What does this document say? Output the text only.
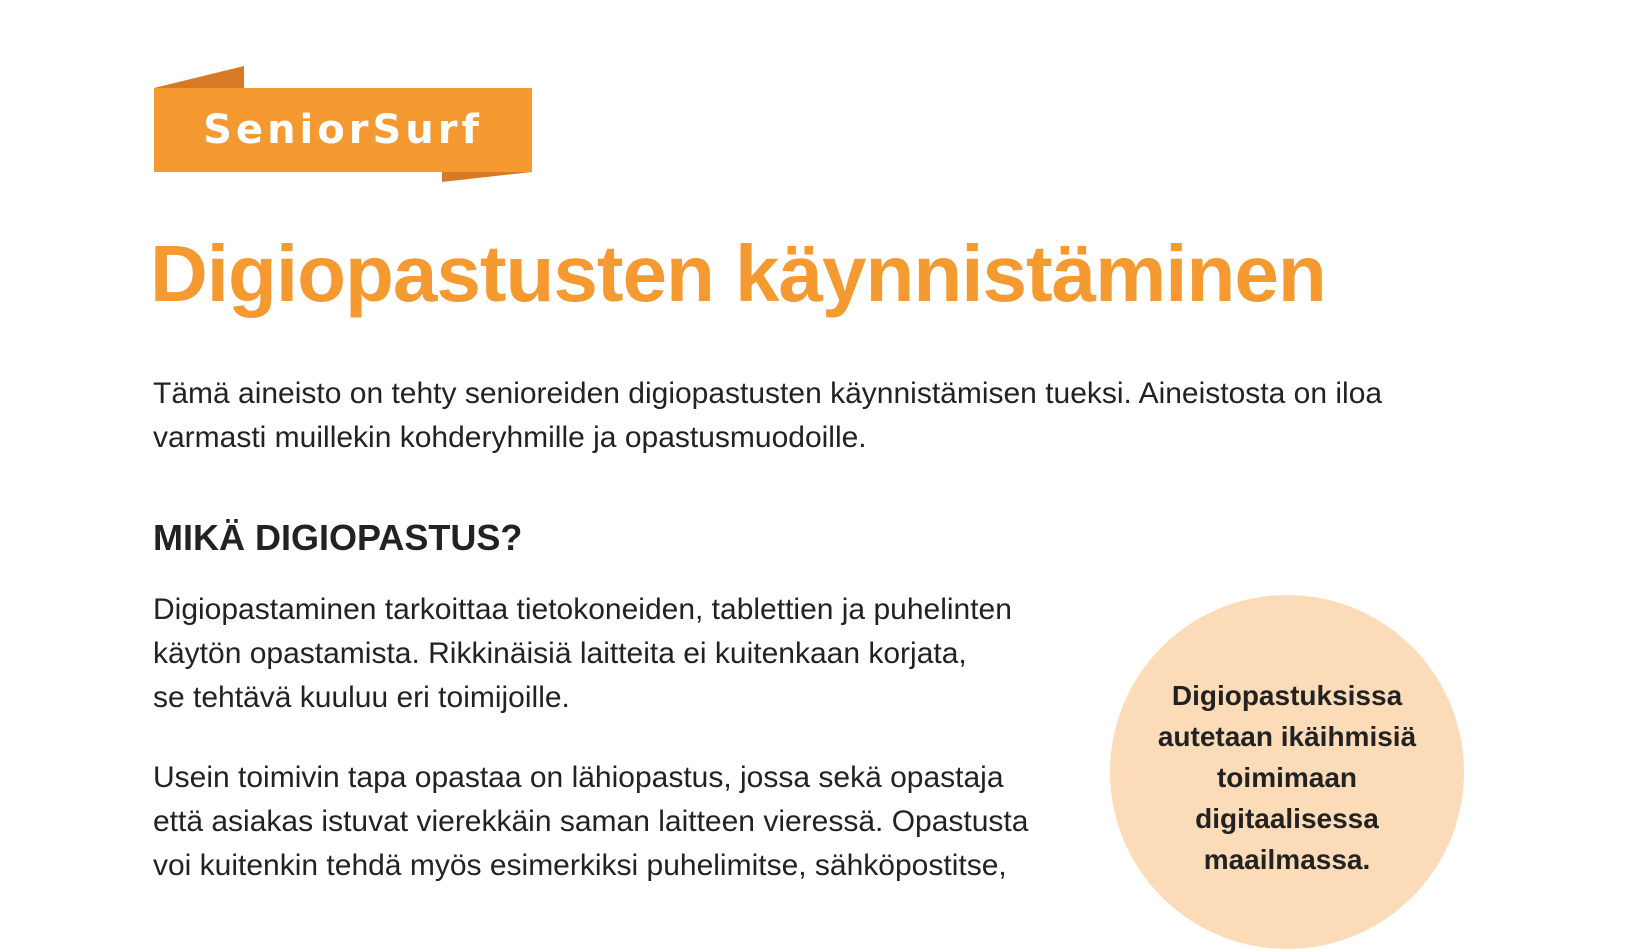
SeniorSurf
Digiopastusten käynnistäminen

Tämä aineisto on tehty senioreiden digiopastusten käynnistämisen tueksi. Aineistosta on iloa
varmasti muillekin kohderyhmille ja opastusmuodoille.

MIKÄ DIGIOPASTUS?

Digiopastaminen tarkoittaa tietokoneiden, tablettien ja puhelinten
käytön opastamista. Rikkinäisiä laitteita ei kuitenkaan korjata,
se tehtävä kuuluu eri toimijoille.

Usein toimivin tapa opastaa on lähiopastus, jossa sekä opastaja
että asiakas istuvat vierekkäin saman laitteen vieressä. Opastusta
voi kuitenkin tehdä myös esimerkiksi puhelimitse, sähköpostitse,

Digiopastuksissa
autetaan ikäihmisiä
toimimaan
digitaalisessa
maailmassa.
